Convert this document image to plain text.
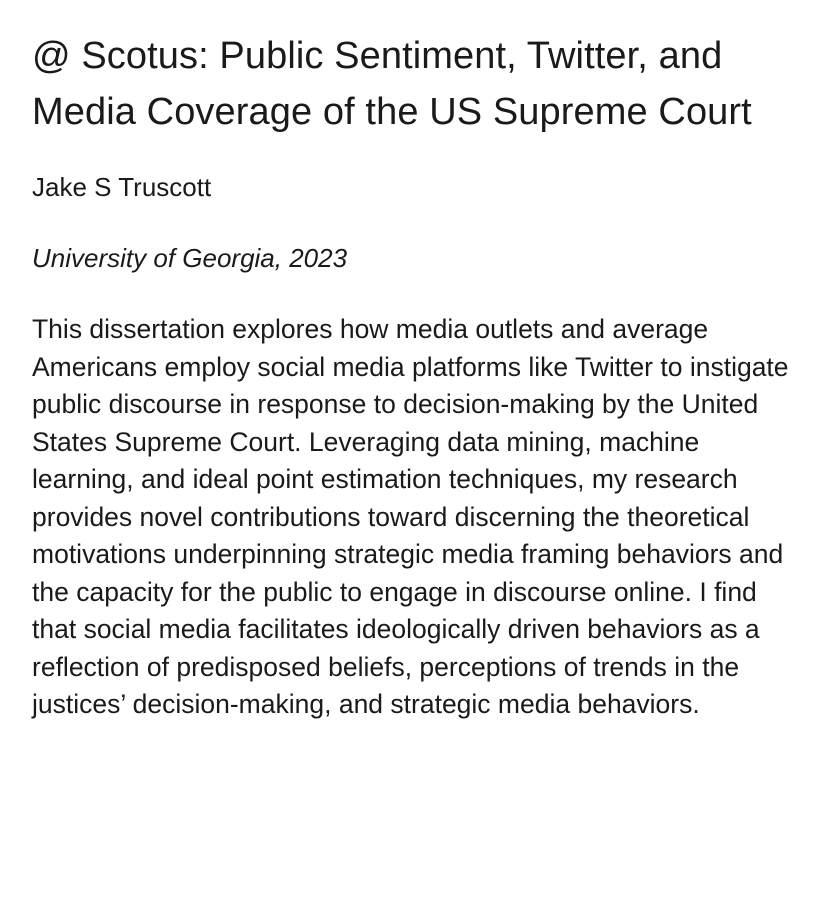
@ Scotus: Public Sentiment, Twitter, and Media Coverage of the US Supreme Court

Jake S Truscott

University of Georgia, 2023

This dissertation explores how media outlets and average Americans employ social media platforms like Twitter to instigate public discourse in response to decision-making by the United States Supreme Court. Leveraging data mining, machine learning, and ideal point estimation techniques, my research provides novel contributions toward discerning the theoretical motivations underpinning strategic media framing behaviors and the capacity for the public to engage in discourse online. I find that social media facilitates ideologically driven behaviors as a reflection of predisposed beliefs, perceptions of trends in the justices’ decision-making, and strategic media behaviors.
